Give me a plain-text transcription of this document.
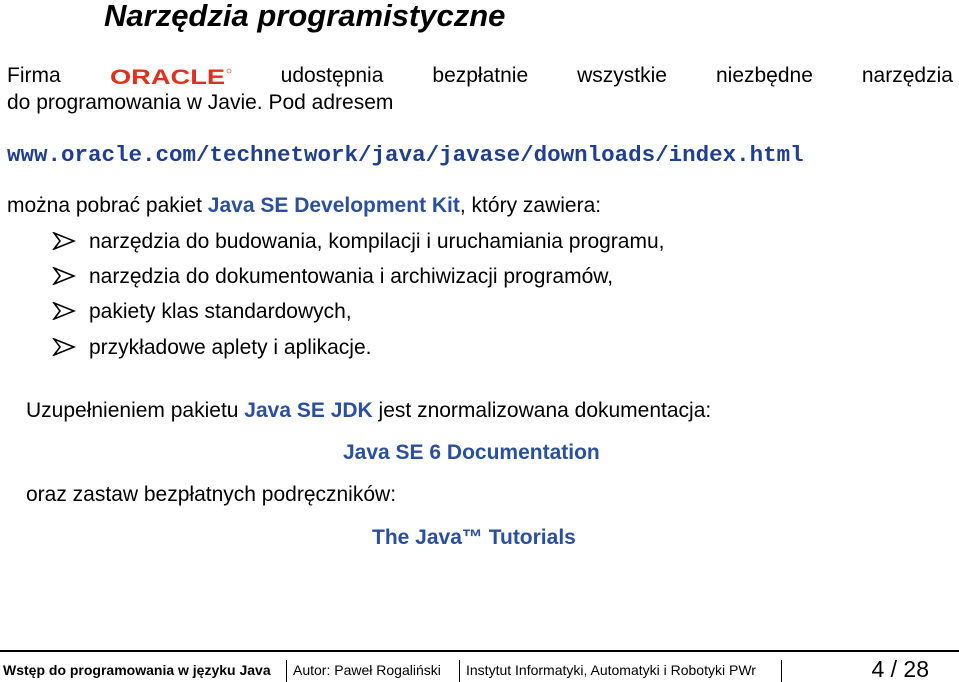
Narzędzia programistyczne
Firma ORACLE	udostępnia bezpłatnie wszystkie niezbędne narzędzia
do programowania w Javie. Pod adresem
www.oracle.com/technetwork/java/javase/downloads/index.html
można pobrać pakiet Java SE Development Kit, który zawiera:
narzędzia do budowania, kompilacji i uruchamiania programu,
narzędzia do dokumentowania i archiwizacji programów,
pakiety klas standardowych,
przykładowe aplety i aplikacje.
Uzupełnieniem pakietu Java SE JDK jest znormalizowana dokumentacja:
Java SE 6 Documentation
oraz zastaw bezpłatnych podręczników:
The Java™ Tutorials
Wstęp do programowania w języku Java Autor: Paweł Rogaliński Instytut Informatyki, Automatyki i Robotyki PWr	4 / 28
